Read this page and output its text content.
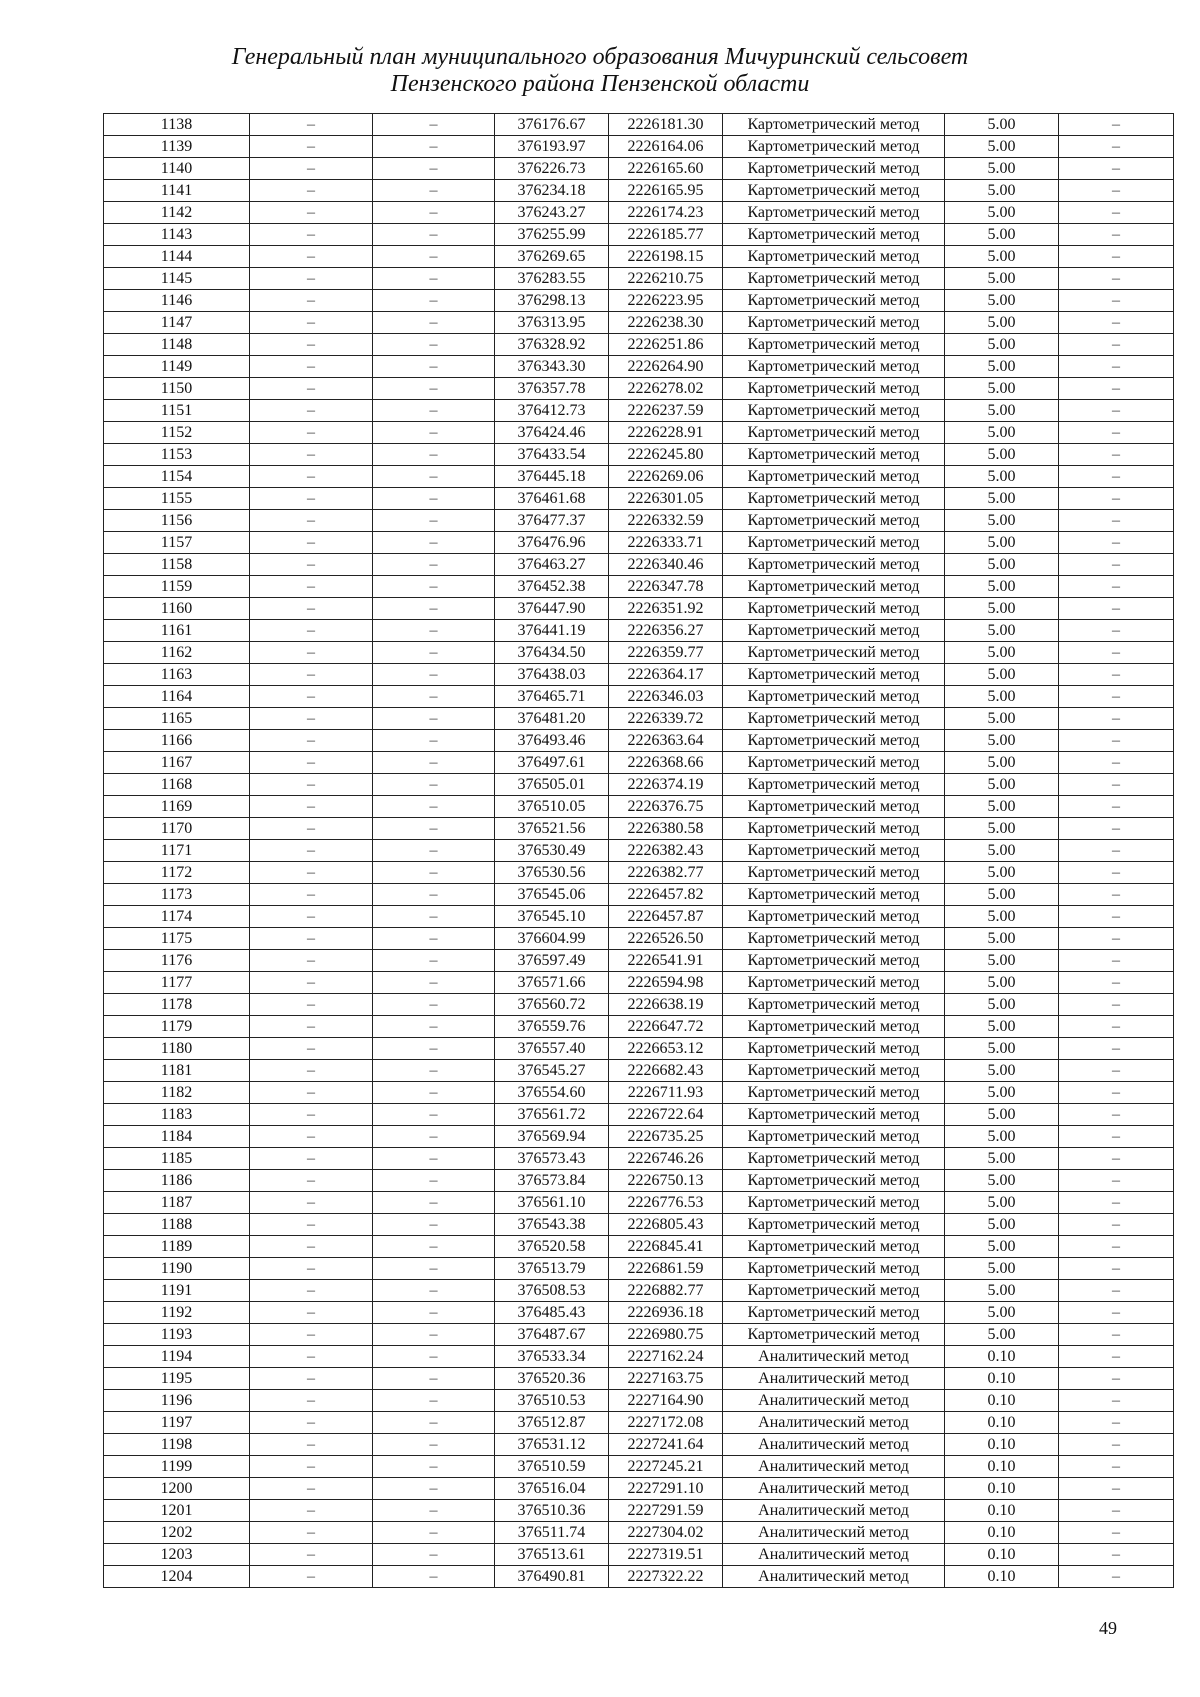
Генеральный план муниципального образования Мичуринский сельсовет
Пензенского района Пензенской области
1138	–	–	376176.67	2226181.30	Картометрический метод	5.00	–
1139	–	–	376193.97	2226164.06	Картометрический метод	5.00	–
1140	–	–	376226.73	2226165.60	Картометрический метод	5.00	–
1141	–	–	376234.18	2226165.95	Картометрический метод	5.00	–
1142	–	–	376243.27	2226174.23	Картометрический метод	5.00	–
1143	–	–	376255.99	2226185.77	Картометрический метод	5.00	–
1144	–	–	376269.65	2226198.15	Картометрический метод	5.00	–
1145	–	–	376283.55	2226210.75	Картометрический метод	5.00	–
1146	–	–	376298.13	2226223.95	Картометрический метод	5.00	–
1147	–	–	376313.95	2226238.30	Картометрический метод	5.00	–
1148	–	–	376328.92	2226251.86	Картометрический метод	5.00	–
1149	–	–	376343.30	2226264.90	Картометрический метод	5.00	–
1150	–	–	376357.78	2226278.02	Картометрический метод	5.00	–
1151	–	–	376412.73	2226237.59	Картометрический метод	5.00	–
1152	–	–	376424.46	2226228.91	Картометрический метод	5.00	–
1153	–	–	376433.54	2226245.80	Картометрический метод	5.00	–
1154	–	–	376445.18	2226269.06	Картометрический метод	5.00	–
1155	–	–	376461.68	2226301.05	Картометрический метод	5.00	–
1156	–	–	376477.37	2226332.59	Картометрический метод	5.00	–
1157	–	–	376476.96	2226333.71	Картометрический метод	5.00	–
1158	–	–	376463.27	2226340.46	Картометрический метод	5.00	–
1159	–	–	376452.38	2226347.78	Картометрический метод	5.00	–
1160	–	–	376447.90	2226351.92	Картометрический метод	5.00	–
1161	–	–	376441.19	2226356.27	Картометрический метод	5.00	–
1162	–	–	376434.50	2226359.77	Картометрический метод	5.00	–
1163	–	–	376438.03	2226364.17	Картометрический метод	5.00	–
1164	–	–	376465.71	2226346.03	Картометрический метод	5.00	–
1165	–	–	376481.20	2226339.72	Картометрический метод	5.00	–
1166	–	–	376493.46	2226363.64	Картометрический метод	5.00	–
1167	–	–	376497.61	2226368.66	Картометрический метод	5.00	–
1168	–	–	376505.01	2226374.19	Картометрический метод	5.00	–
1169	–	–	376510.05	2226376.75	Картометрический метод	5.00	–
1170	–	–	376521.56	2226380.58	Картометрический метод	5.00	–
1171	–	–	376530.49	2226382.43	Картометрический метод	5.00	–
1172	–	–	376530.56	2226382.77	Картометрический метод	5.00	–
1173	–	–	376545.06	2226457.82	Картометрический метод	5.00	–
1174	–	–	376545.10	2226457.87	Картометрический метод	5.00	–
1175	–	–	376604.99	2226526.50	Картометрический метод	5.00	–
1176	–	–	376597.49	2226541.91	Картометрический метод	5.00	–
1177	–	–	376571.66	2226594.98	Картометрический метод	5.00	–
1178	–	–	376560.72	2226638.19	Картометрический метод	5.00	–
1179	–	–	376559.76	2226647.72	Картометрический метод	5.00	–
1180	–	–	376557.40	2226653.12	Картометрический метод	5.00	–
1181	–	–	376545.27	2226682.43	Картометрический метод	5.00	–
1182	–	–	376554.60	2226711.93	Картометрический метод	5.00	–
1183	–	–	376561.72	2226722.64	Картометрический метод	5.00	–
1184	–	–	376569.94	2226735.25	Картометрический метод	5.00	–
1185	–	–	376573.43	2226746.26	Картометрический метод	5.00	–
1186	–	–	376573.84	2226750.13	Картометрический метод	5.00	–
1187	–	–	376561.10	2226776.53	Картометрический метод	5.00	–
1188	–	–	376543.38	2226805.43	Картометрический метод	5.00	–
1189	–	–	376520.58	2226845.41	Картометрический метод	5.00	–
1190	–	–	376513.79	2226861.59	Картометрический метод	5.00	–
1191	–	–	376508.53	2226882.77	Картометрический метод	5.00	–
1192	–	–	376485.43	2226936.18	Картометрический метод	5.00	–
1193	–	–	376487.67	2226980.75	Картометрический метод	5.00	–
1194	–	–	376533.34	2227162.24	Аналитический метод	0.10	–
1195	–	–	376520.36	2227163.75	Аналитический метод	0.10	–
1196	–	–	376510.53	2227164.90	Аналитический метод	0.10	–
1197	–	–	376512.87	2227172.08	Аналитический метод	0.10	–
1198	–	–	376531.12	2227241.64	Аналитический метод	0.10	–
1199	–	–	376510.59	2227245.21	Аналитический метод	0.10	–
1200	–	–	376516.04	2227291.10	Аналитический метод	0.10	–
1201	–	–	376510.36	2227291.59	Аналитический метод	0.10	–
1202	–	–	376511.74	2227304.02	Аналитический метод	0.10	–
1203	–	–	376513.61	2227319.51	Аналитический метод	0.10	–
1204	–	–	376490.81	2227322.22	Аналитический метод	0.10	–
49
